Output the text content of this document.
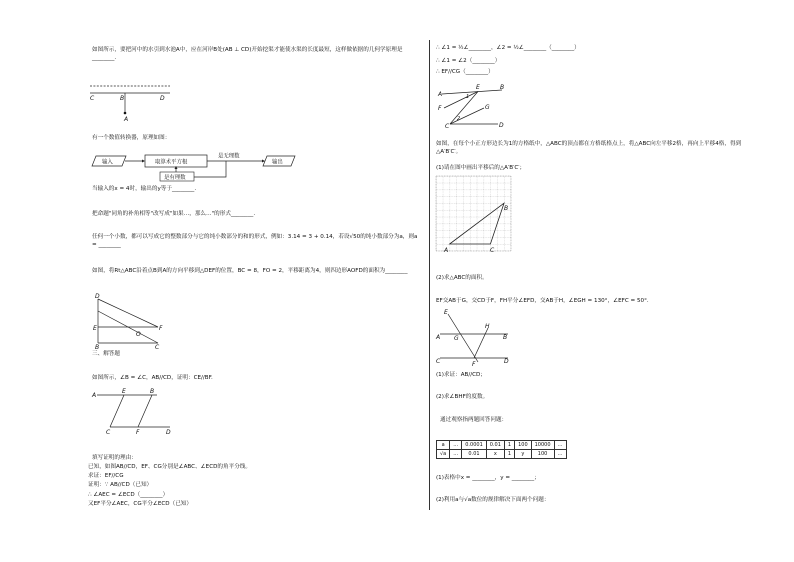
如图所示，要把河中的水引到水池A中，应在河岸B处(AB ⊥ CD)开始挖渠才能使水渠的长度最短，这样做依据的几何学原理是________.
C	B	D
A
有一个数值转换器，原理如图：
输入	取算术平方根
是无理数
输出
是有理数
当输入的x = 4时，输出的y等于________.
把命题"同角的补角相等"改写成"如果…，那么…"的形式________.
任何一个小数，都可以写成它的整数部分与它的纯小数部分的和的形式，例如：3.14 = 3 + 0.14，若设√50的纯小数部分为a，则a = ________
如图，将Rt△ABC沿着点B到A的方向平移到△DEF的位置，BC = 8，FO = 2，平移距离为4，则四边形AOFD的面积为________
D
E
O
F
B	C
三、解答题
如图所示，∠B = ∠C，AB//CD，证明：CE//BF.
A
E	B
C	F	D
填写证明的理由：
已知，如图AB//CD，EF、CG分别是∠ABC、∠ECD的角平分线。
求证：EF//CG
证明：∵ AB//CD（已知）
∴ ∠AEC = ∠ECD（________）
又EF平分∠AEC，CG平分∠ECD（已知）
∴ ∠1 = ½∠________，∠2 = ½∠________（________）
∴ ∠1 = ∠2（________）
∴ EF//CG（________）
A
E	B
F	G
C	D
1
2
如图，在每个小正方形边长为1的方格纸中，△ABC的顶点都在方格纸格点上，将△ABC向左平移2格，再向上平移4格，得到△A′B′C′。
(1)请在图中画出平移后的△A′B′C′；
B
A	C
(2)求△ABC的面积。
EF交AB于G，交CD于F，FH平分∠EFD，交AB于H，∠EGH = 130°，∠EFC = 50°.
E
H
A G	B
C	F	D
(1)求证：AB//CD；
(2)求∠BHF的度数。
通过观察指两题回答问题：
a	…	0.0001	0.01	1	100	10000	…
√a	…	0.01	x	1	y	100	…
(1)表格中x = ________，y = ________；
(2)利用a与√a数位的规律解决下面两个问题：
